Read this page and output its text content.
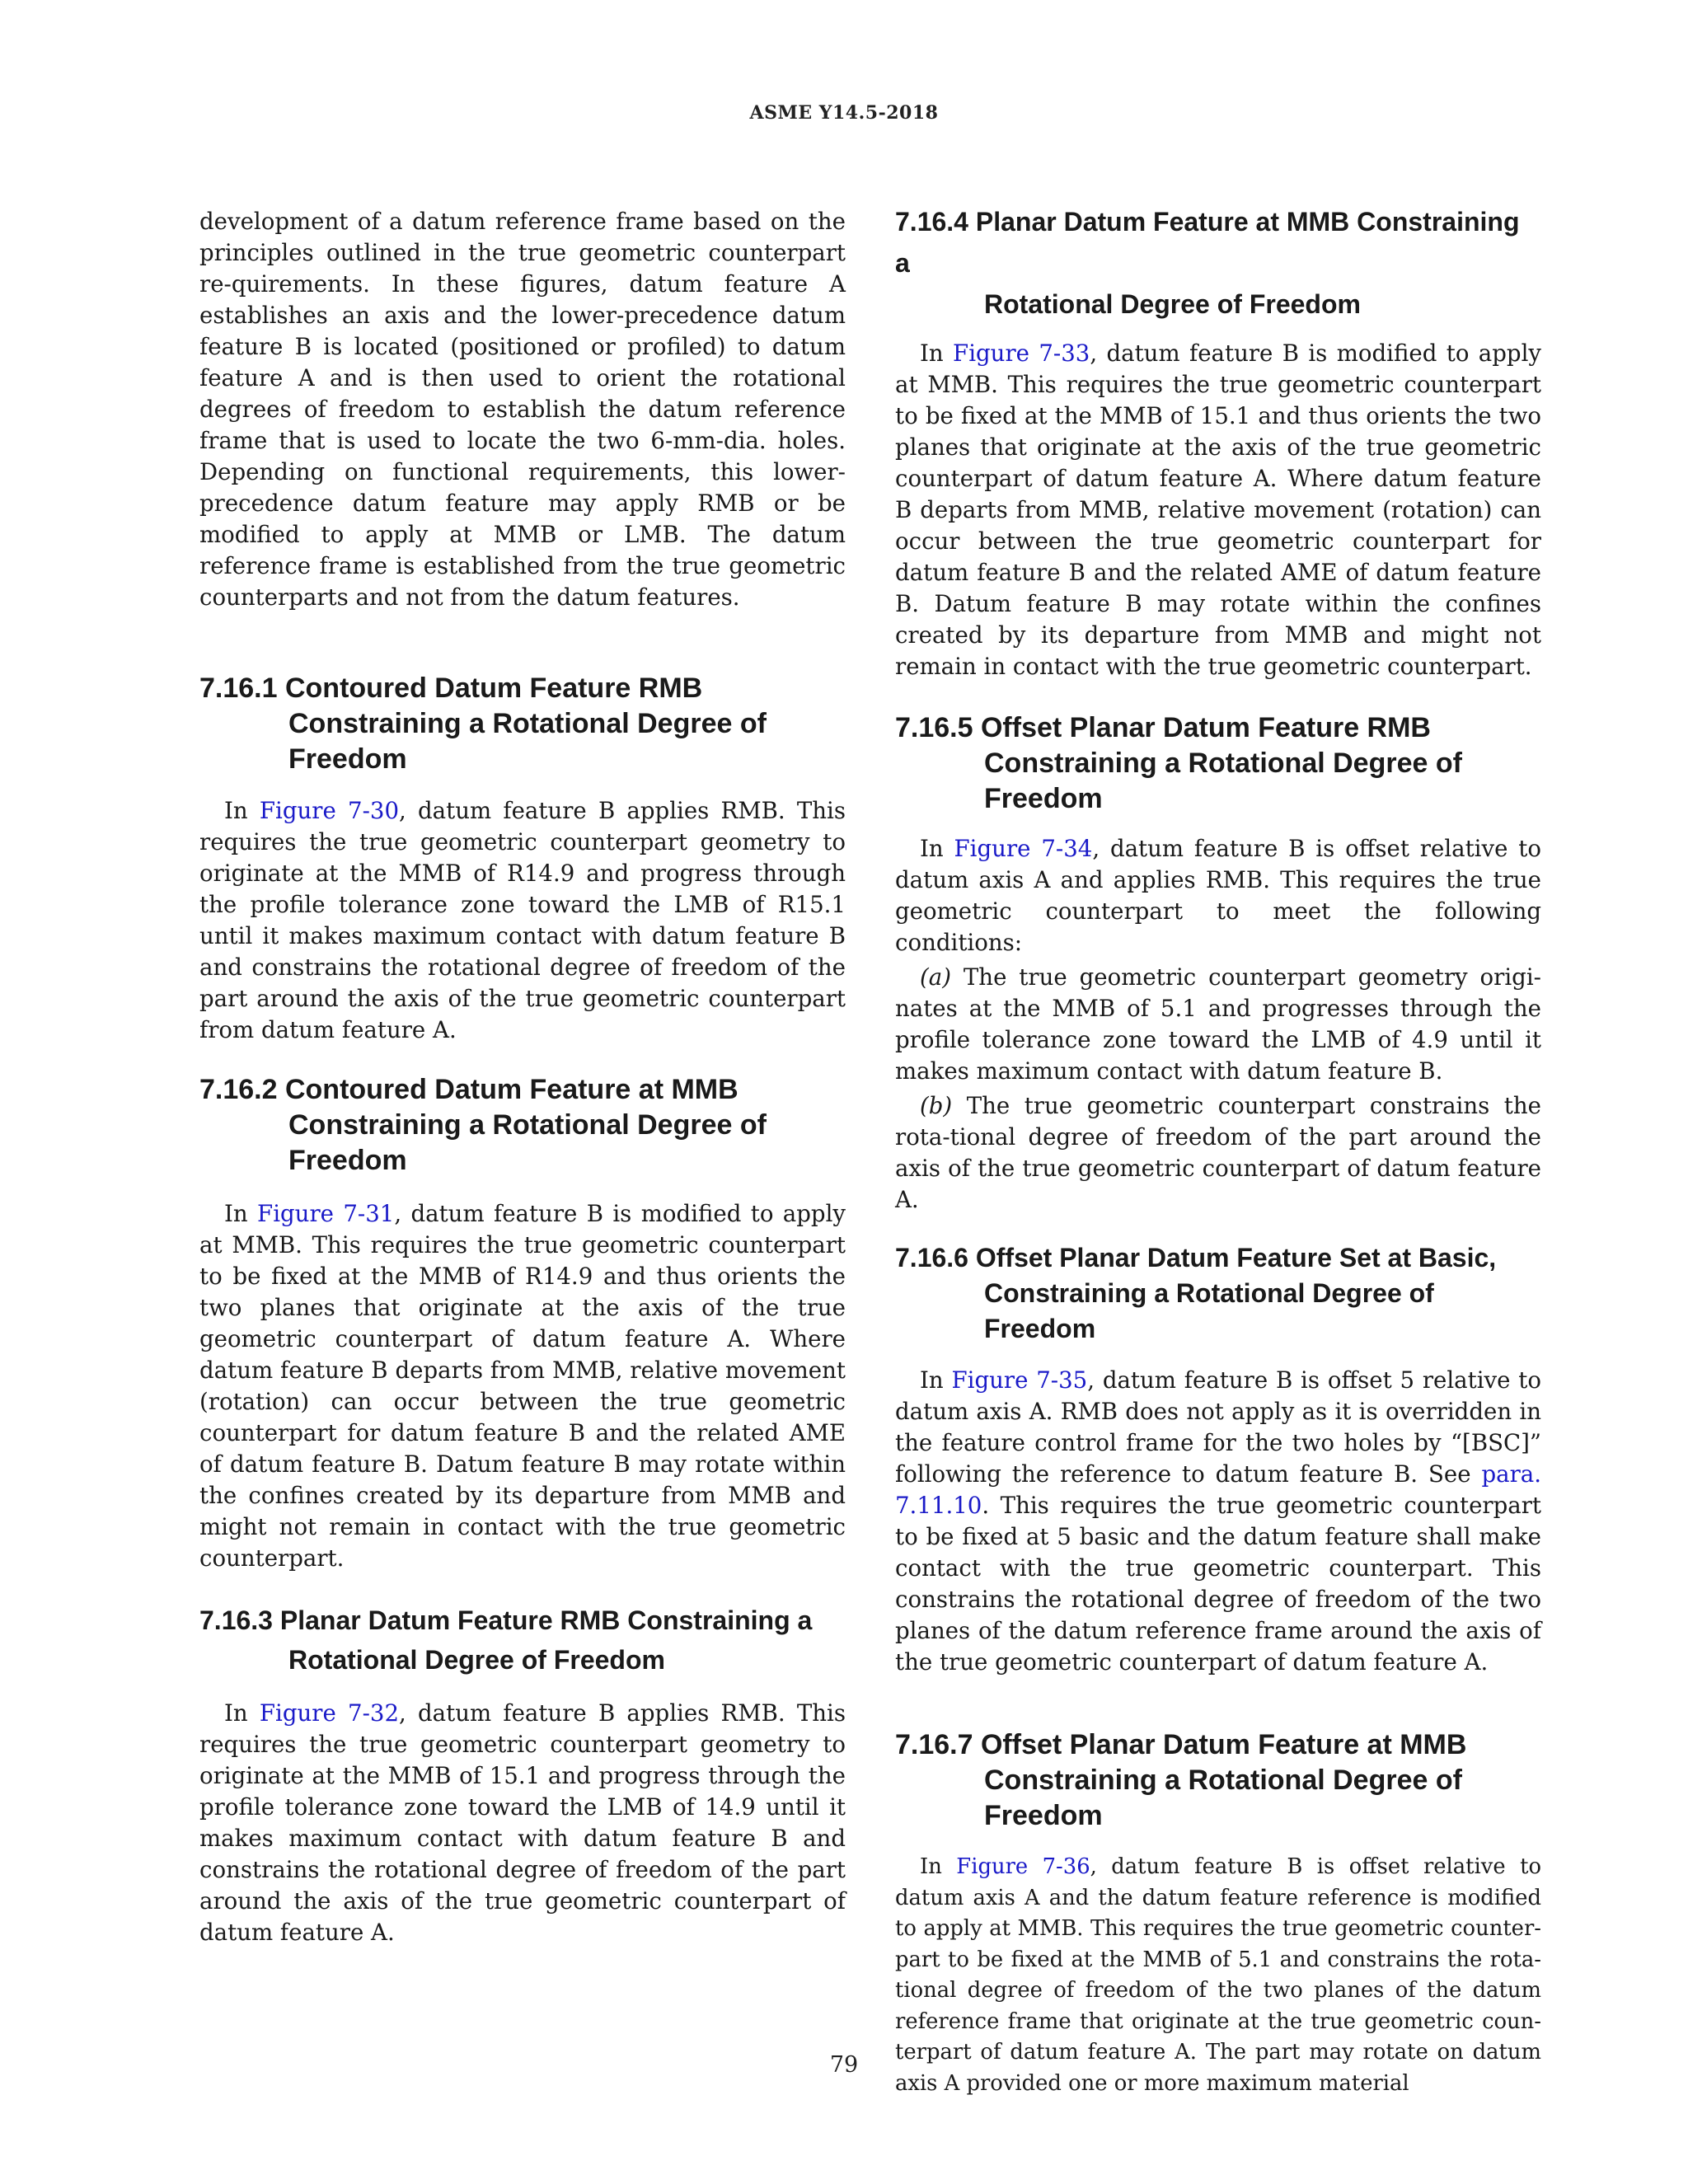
ASME Y14.5-2018

development of a datum reference frame based on the principles outlined in the true geometric counterpart re-quirements. In these figures, datum feature A establishes an axis and the lower-precedence datum feature B is located (positioned or profiled) to datum feature A and is then used to orient the rotational degrees of freedom to establish the datum reference frame that is used to locate the two 6-mm-dia. holes. Depending on functional requirements, this lower-precedence datum feature may apply RMB or be modified to apply at MMB or LMB. The datum reference frame is established from the true geometric counterparts and not from the datum features.

7.16.1 Contoured Datum Feature RMB
Constraining a Rotational Degree of
Freedom

In Figure 7-30, datum feature B applies RMB. This requires the true geometric counterpart geometry to originate at the MMB of R14.9 and progress through the profile tolerance zone toward the LMB of R15.1 until it makes maximum contact with datum feature B and constrains the rotational degree of freedom of the part around the axis of the true geometric counterpart from datum feature A.

7.16.2 Contoured Datum Feature at MMB
Constraining a Rotational Degree of
Freedom

In Figure 7-31, datum feature B is modified to apply at MMB. This requires the true geometric counterpart to be fixed at the MMB of R14.9 and thus orients the two planes that originate at the axis of the true geometric counterpart of datum feature A. Where datum feature B departs from MMB, relative movement (rotation) can occur between the true geometric counterpart for datum feature B and the related AME of datum feature B. Datum feature B may rotate within the confines created by its departure from MMB and might not remain in contact with the true geometric counterpart.

7.16.3 Planar Datum Feature RMB Constraining a
Rotational Degree of Freedom

In Figure 7-32, datum feature B applies RMB. This requires the true geometric counterpart geometry to originate at the MMB of 15.1 and progress through the profile tolerance zone toward the LMB of 14.9 until it makes maximum contact with datum feature B and constrains the rotational degree of freedom of the part around the axis of the true geometric counterpart of datum feature A.

7.16.4 Planar Datum Feature at MMB Constraining a
Rotational Degree of Freedom

In Figure 7-33, datum feature B is modified to apply at MMB. This requires the true geometric counterpart to be fixed at the MMB of 15.1 and thus orients the two planes that originate at the axis of the true geometric counterpart of datum feature A. Where datum feature B departs from MMB, relative movement (rotation) can occur between the true geometric counterpart for datum feature B and the related AME of datum feature B. Datum feature B may rotate within the confines created by its departure from MMB and might not remain in contact with the true geometric counterpart.

7.16.5 Offset Planar Datum Feature RMB
Constraining a Rotational Degree of
Freedom

In Figure 7-34, datum feature B is offset relative to datum axis A and applies RMB. This requires the true geometric counterpart to meet the following conditions:

(a) The true geometric counterpart geometry origi-nates at the MMB of 5.1 and progresses through the profile tolerance zone toward the LMB of 4.9 until it makes maximum contact with datum feature B.

(b) The true geometric counterpart constrains the rota-tional degree of freedom of the part around the axis of the true geometric counterpart of datum feature A.

7.16.6 Offset Planar Datum Feature Set at Basic,
Constraining a Rotational Degree of
Freedom

In Figure 7-35, datum feature B is offset 5 relative to datum axis A. RMB does not apply as it is overridden in the feature control frame for the two holes by “[BSC]” following the reference to datum feature B. See para. 7.11.10. This requires the true geometric counterpart to be fixed at 5 basic and the datum feature shall make contact with the true geometric counterpart. This constrains the rotational degree of freedom of the two planes of the datum reference frame around the axis of the true geometric counterpart of datum feature A.

7.16.7 Offset Planar Datum Feature at MMB
Constraining a Rotational Degree of
Freedom

In Figure 7-36, datum feature B is offset relative to datum axis A and the datum feature reference is modified to apply at MMB. This requires the true geometric counter-part to be fixed at the MMB of 5.1 and constrains the rota-tional degree of freedom of the two planes of the datum reference frame that originate at the true geometric coun-terpart of datum feature A. The part may rotate on datum axis A provided one or more maximum material

79
